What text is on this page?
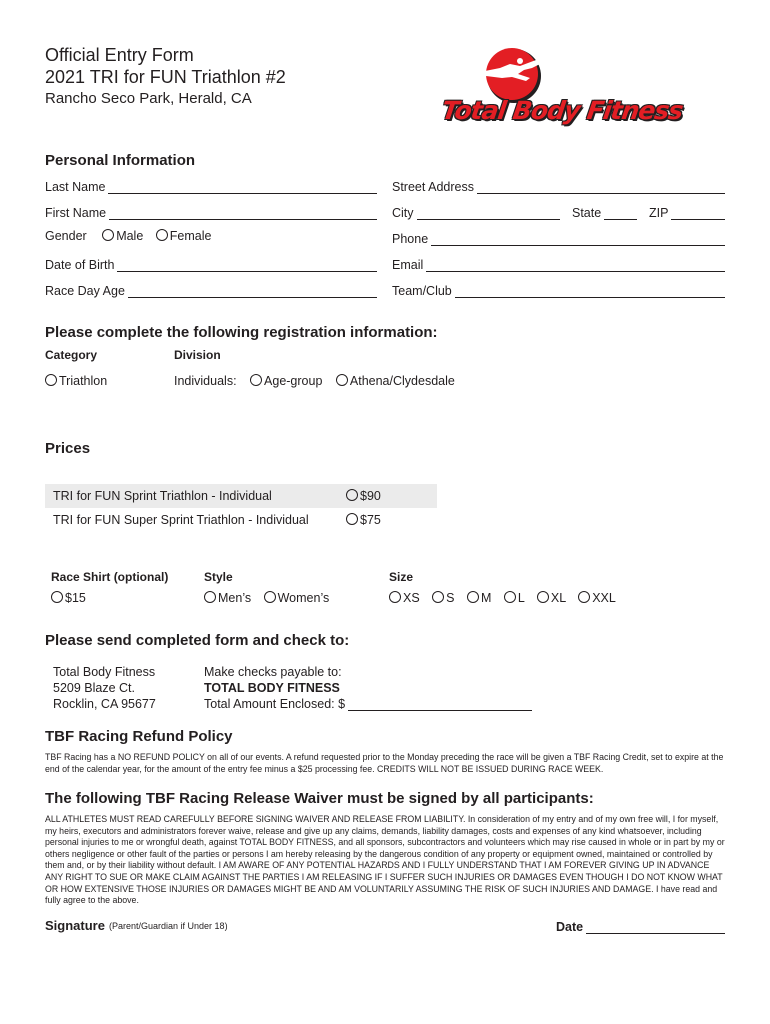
Official Entry Form
2021 TRI for FUN Triathlon #2
Rancho Seco Park, Herald, CA	Total Body Fitness
Personal Information
Last Name
First Name
Gender Male Female
Date of Birth
Race Day Age
Street Address
City	State	ZIP
Phone
Email
Team/Club
Please complete the following registration information:
Category	Division
Triathlon	Individuals: Age-group Athena/Clydesdale
Prices
TRI for FUN Sprint Triathlon - Individual	$90
TRI for FUN Super Sprint Triathlon - Individual	$75
Race Shirt (optional)
$15
Style
Men’s Women’s
Size
XS S M L XL XXL
Please send completed form and check to:
Total Body Fitness
5209 Blaze Ct.
Rocklin, CA 95677
Make checks payable to:
TOTAL BODY FITNESS
Total Amount Enclosed: $
TBF Racing Refund Policy
TBF Racing has a NO REFUND POLICY on all of our events. A refund requested prior to the Monday preceding the race will be given a TBF Racing Credit, set to expire at the end of the calendar year, for the amount of the entry fee minus a $25 processing fee. CREDITS WILL NOT BE ISSUED DURING RACE WEEK.
The following TBF Racing Release Waiver must be signed by all participants:
ALL ATHLETES MUST READ CAREFULLY BEFORE SIGNING WAIVER AND RELEASE FROM LIABILITY. In consideration of my entry and of my own free will, I for myself, my heirs, executors and administrators forever waive, release and give up any claims, demands, liability damages, costs and expenses of any kind whatsoever, including personal injuries to me or wrongful death, against TOTAL BODY FITNESS, and all sponsors, subcontractors and volunteers which may rise caused in whole or in part by my or others negligence or other fault of the parties or persons I am hereby releasing by the dangerous condition of any property or equipment owned, maintained or controlled by them and, or by their liability without default. I AM AWARE OF ANY POTENTIAL HAZARDS AND I FULLY UNDERSTAND THAT I AM FOREVER GIVING UP IN ADVANCE ANY RIGHT TO SUE OR MAKE CLAIM AGAINST THE PARTIES I AM RELEASING IF I SUFFER SUCH INJURIES OR DAMAGES EVEN THOUGH I DO NOT KNOW WHAT OR HOW EXTENSIVE THOSE INJURIES OR DAMAGES MIGHT BE AND AM VOLUNTARILY ASSUMING THE RISK OF SUCH INJURIES AND DAMAGE. I have read and fully agree to the above.
Signature (Parent/Guardian if Under 18)	Date
